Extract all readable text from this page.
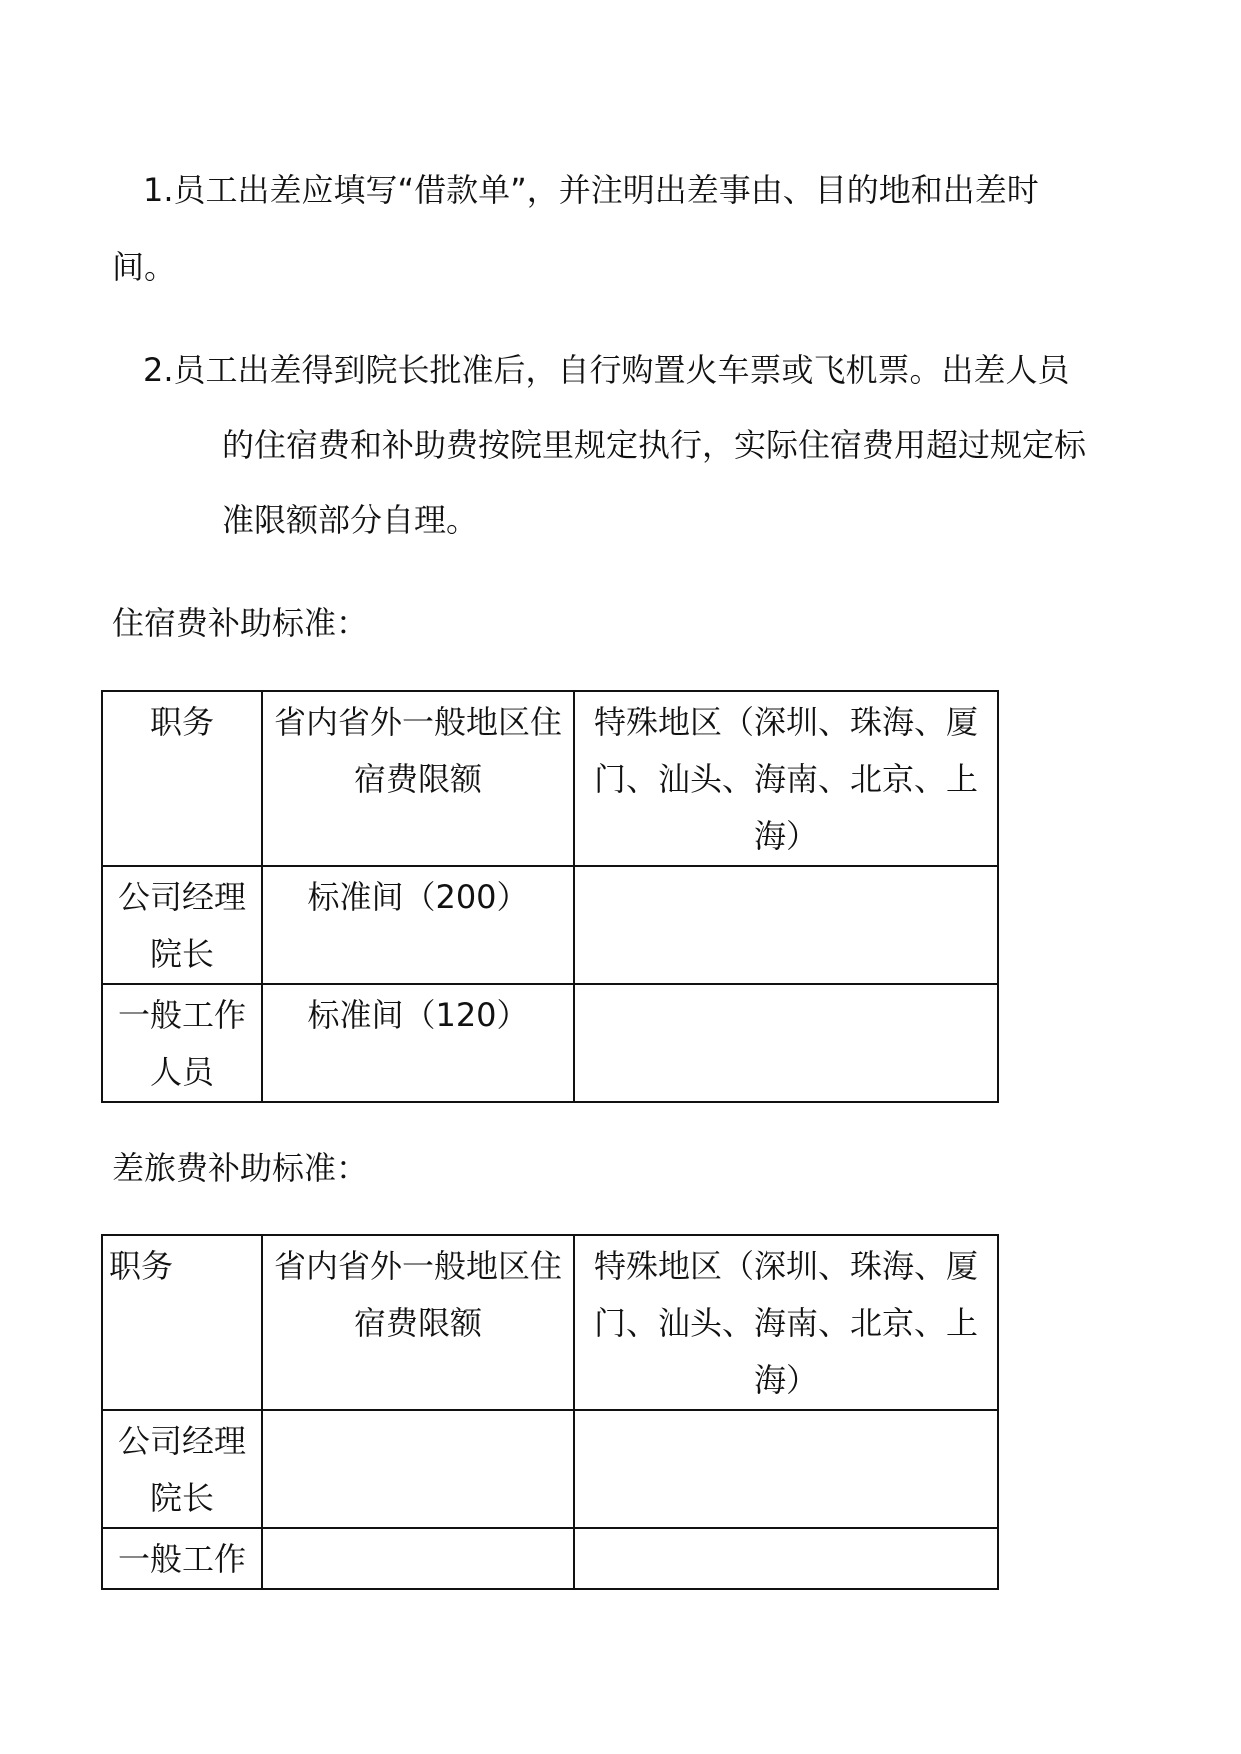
1.员工出差应填写“借款单”，并注明出差事由、目的地和出差时

间。

2.员工出差得到院长批准后，自行购置火车票或飞机票。出差人员

的住宿费和补助费按院里规定执行，实际住宿费用超过规定标

准限额部分自理。

住宿费补助标准：

职务	省内省外一般地区住宿费限额	特殊地区（深圳、珠海、厦门、汕头、海南、北京、上海）
公司经理院长	标准间（200）	
一般工作人员	标准间（120）	

差旅费补助标准：

职务	省内省外一般地区住宿费限额	特殊地区（深圳、珠海、厦门、汕头、海南、北京、上海）
公司经理院长		
一般工作		
